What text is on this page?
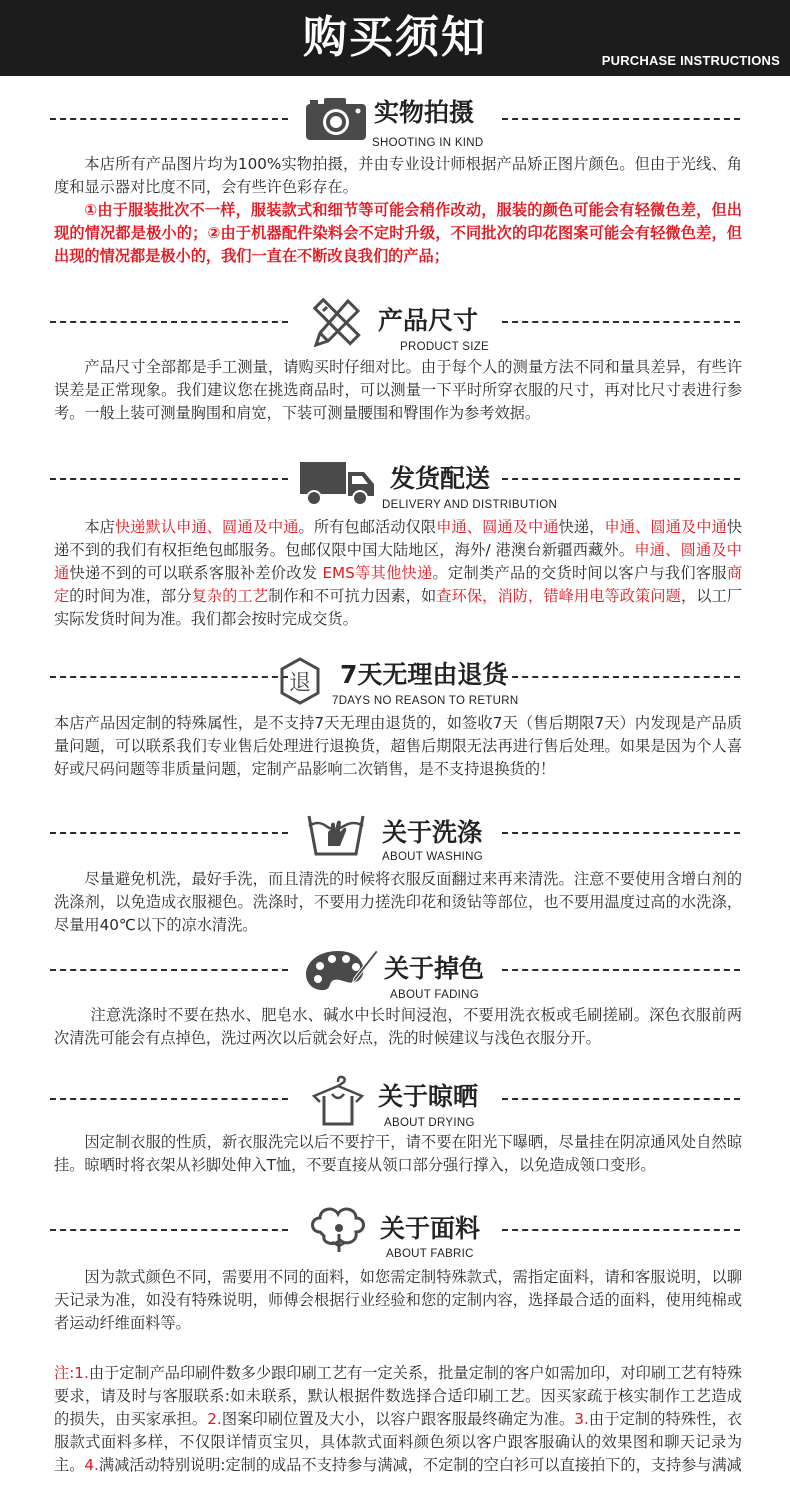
购买须知	PURCHASE INSTRUCTIONS
实物拍摄
SHOOTING IN KIND

本店所有产品图片均为100%实物拍摄，并由专业设计师根据产品矫正图片颜色。但由于光线、角度和显示器对比度不同，会有些许色彩存在。

①由于服装批次不一样，服装款式和细节等可能会稍作改动，服装的颜色可能会有轻微色差，但出现的情况都是极小的；②由于机器配件染料会不定时升级，不同批次的印花图案可能会有轻微色差，但出现的情况都是极小的，我们一直在不断改良我们的产品；

产品尺寸
PRODUCT SIZE

产品尺寸全部都是手工测量，请购买时仔细对比。由于每个人的测量方法不同和量具差异，有些许误差是正常现象。我们建议您在挑选商品时，可以测量一下平时所穿衣服的尺寸，再对比尺寸表进行参考。一般上装可测量胸围和肩宽，下装可测量腰围和臀围作为参考效据。

发货配送
DELIVERY AND DISTRIBUTION

本店快递默认申通、圆通及中通。所有包邮活动仅限申通、圆通及中通快递，申通、圆通及中通快递不到的我们有权拒绝包邮服务。包邮仅限中国大陆地区，海外/ 港澳台新疆西藏外。申通、圆通及中通快递不到的可以联系客服补差价改发 EMS等其他快递。定制类产品的交货时间以客户与我们客服商定的时间为准，部分复杂的工艺制作和不可抗力因素，如查环保，消防，错峰用电等政策问题，以工厂实际发货时间为准。我们都会按时完成交货。

退 7天无理由退货
7DAYS NO REASON TO RETURN

本店产品因定制的特殊属性，是不支持7天无理由退货的，如签收7天（售后期限7天）内发现是产品质量问题，可以联系我们专业售后处理进行退换货，超售后期限无法再进行售后处理。如果是因为个人喜好或尺码问题等非质量问题，定制产品影响二次销售，是不支持退换货的！

关于洗涤
ABOUT WASHING

尽量避免机洗，最好手洗，而且清洗的时候将衣服反面翻过来再来清洗。注意不要使用含增白剂的洗涤剂，以免造成衣服褪色。洗涤时，不要用力搓洗印花和烫钻等部位，也不要用温度过高的水洗涤，尽量用40℃以下的凉水清洗。

关于掉色
ABOUT FADING

注意洗涤时不要在热水、肥皂水、碱水中长时间浸泡，不要用洗衣板或毛刷搓刷。深色衣服前两次清洗可能会有点掉色，洗过两次以后就会好点，洗的时候建议与浅色衣服分开。

关于晾晒
ABOUT DRYING

因定制衣服的性质，新衣服洗完以后不要拧干，请不要在阳光下曝晒，尽量挂在阴凉通风处自然晾挂。晾晒时将衣架从衫脚处伸入T恤，不要直接从领口部分强行撑入，以免造成领口变形。

关于面料
ABOUT FABRIC

因为款式颜色不同，需要用不同的面料，如您需定制特殊款式，需指定面料，请和客服说明，以聊天记录为准，如没有特殊说明，师傅会根据行业经验和您的定制内容，选择最合适的面料，使用纯棉或者运动纤维面料等。

注:1.由于定制产品印刷件数多少跟印刷工艺有一定关系，批量定制的客户如需加印，对印刷工艺有特殊要求，请及时与客服联系:如未联系，默认根据件数选择合适印刷工艺。因买家疏于核实制作工艺造成的损失，由买家承担。2.图案印刷位置及大小，以容户跟客服最终确定为准。3.由于定制的特殊性，衣服款式面料多样，不仅限详情页宝贝，具体款式面料颜色须以客户跟客服确认的效果图和聊天记录为主。4.满减活动特别说明:定制的成品不支持参与满减，不定制的空白衫可以直接拍下的，支持参与满减
